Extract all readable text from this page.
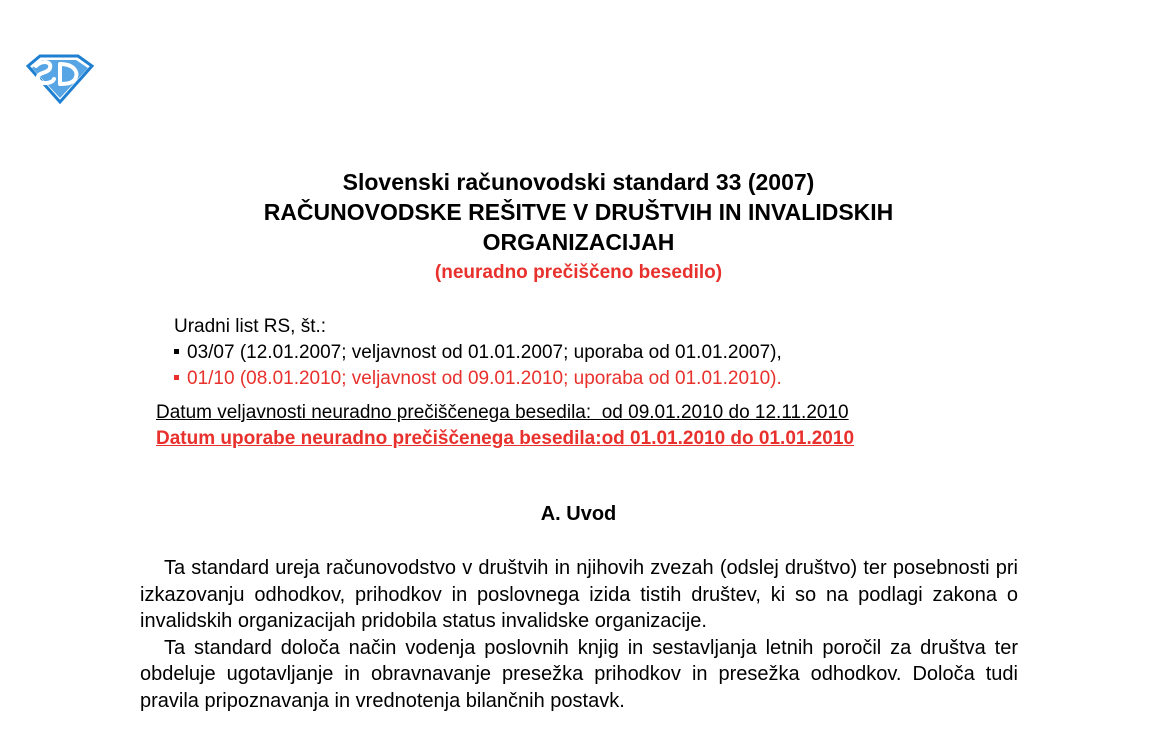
Slovenski računovodski standard 33 (2007)
RAČUNOVODSKE REŠITVE V DRUŠTVIH IN INVALIDSKIH
ORGANIZACIJAH
(neuradno prečiščeno besedilo)
Uradni list RS, št.:
03/07 (12.01.2007; veljavnost od 01.01.2007; uporaba od 01.01.2007),
01/10 (08.01.2010; veljavnost od 09.01.2010; uporaba od 01.01.2010).
Datum veljavnosti neuradno prečiščenega besedila:  od 09.01.2010 do 12.11.2010
Datum uporabe neuradno prečiščenega besedila:od 01.01.2010 do 01.01.2010
A. Uvod

Ta standard ureja računovodstvo v društvih in njihovih zvezah (odslej društvo) ter posebnosti pri izkazovanju odhodkov, prihodkov in poslovnega izida tistih društev, ki so na podlagi zakona o invalidskih organizacijah pridobila status invalidske organizacije.

Ta standard določa način vodenja poslovnih knjig in sestavljanja letnih poročil za društva ter obdeluje ugotavljanje in obravnavanje presežka prihodkov in presežka odhodkov. Določa tudi pravila pripoznavanja in vrednotenja bilančnih postavk.
